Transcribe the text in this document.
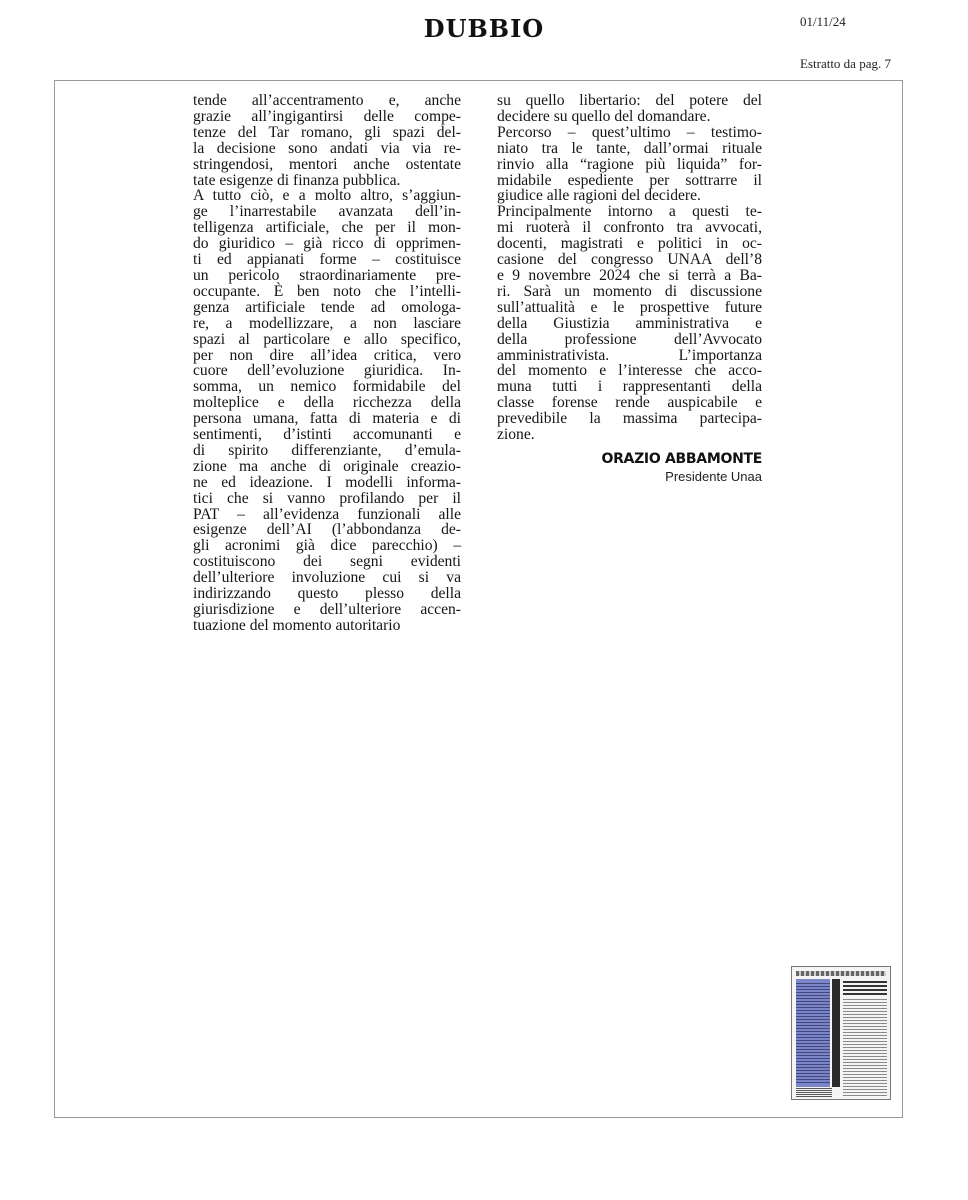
DUBBIO	01/11/24
Estratto da pag. 7
tende all’accentramento e, anche
grazie all’ingigantirsi delle compe-
tenze del Tar romano, gli spazi del-
la decisione sono andati via via re-
stringendosi, mentori anche ostentate
tate esigenze di finanza pubblica.
A tutto ciò, e a molto altro, s’aggiun-
ge l’inarrestabile avanzata dell’in-
telligenza artificiale, che per il mon-
do giuridico – già ricco di opprimen-
ti ed appianati forme – costituisce
un pericolo straordinariamente pre-
occupante. È ben noto che l’intelli-
genza artificiale tende ad omologa-
re, a modellizzare, a non lasciare
spazi al particolare e allo specifico,
per non dire all’idea critica, vero
cuore dell’evoluzione giuridica. In-
somma, un nemico formidabile del
molteplice e della ricchezza della
persona umana, fatta di materia e di
sentimenti, d’istinti accomunanti e
di spirito differenziante, d’emula-
zione ma anche di originale creazio-
ne ed ideazione. I modelli informa-
tici che si vanno profilando per il
PAT – all’evidenza funzionali alle
esigenze dell’AI (l’abbondanza de-
gli acronimi già dice parecchio) –
costituiscono dei segni evidenti
dell’ulteriore involuzione cui si va
indirizzando questo plesso della
giurisdizione e dell’ulteriore accen-
tuazione del momento autoritario
su quello libertario: del potere del
decidere su quello del domandare.
Percorso – quest’ultimo – testimo-
niato tra le tante, dall’ormai rituale
rinvio alla “ragione più liquida” for-
midabile espediente per sottrarre il
giudice alle ragioni del decidere.
Principalmente intorno a questi te-
mi ruoterà il confronto tra avvocati,
docenti, magistrati e politici in oc-
casione del congresso UNAA dell’8
e 9 novembre 2024 che si terrà a Ba-
ri. Sarà un momento di discussione
sull’attualità e le prospettive future
della Giustizia amministrativa e
della professione dell’Avvocato
amministrativista. L’importanza
del momento e l’interesse che acco-
muna tutti i rappresentanti della
classe forense rende auspicabile e
prevedibile la massima partecipa-
zione.
ORAZIO ABBAMONTE
Presidente Unaa
